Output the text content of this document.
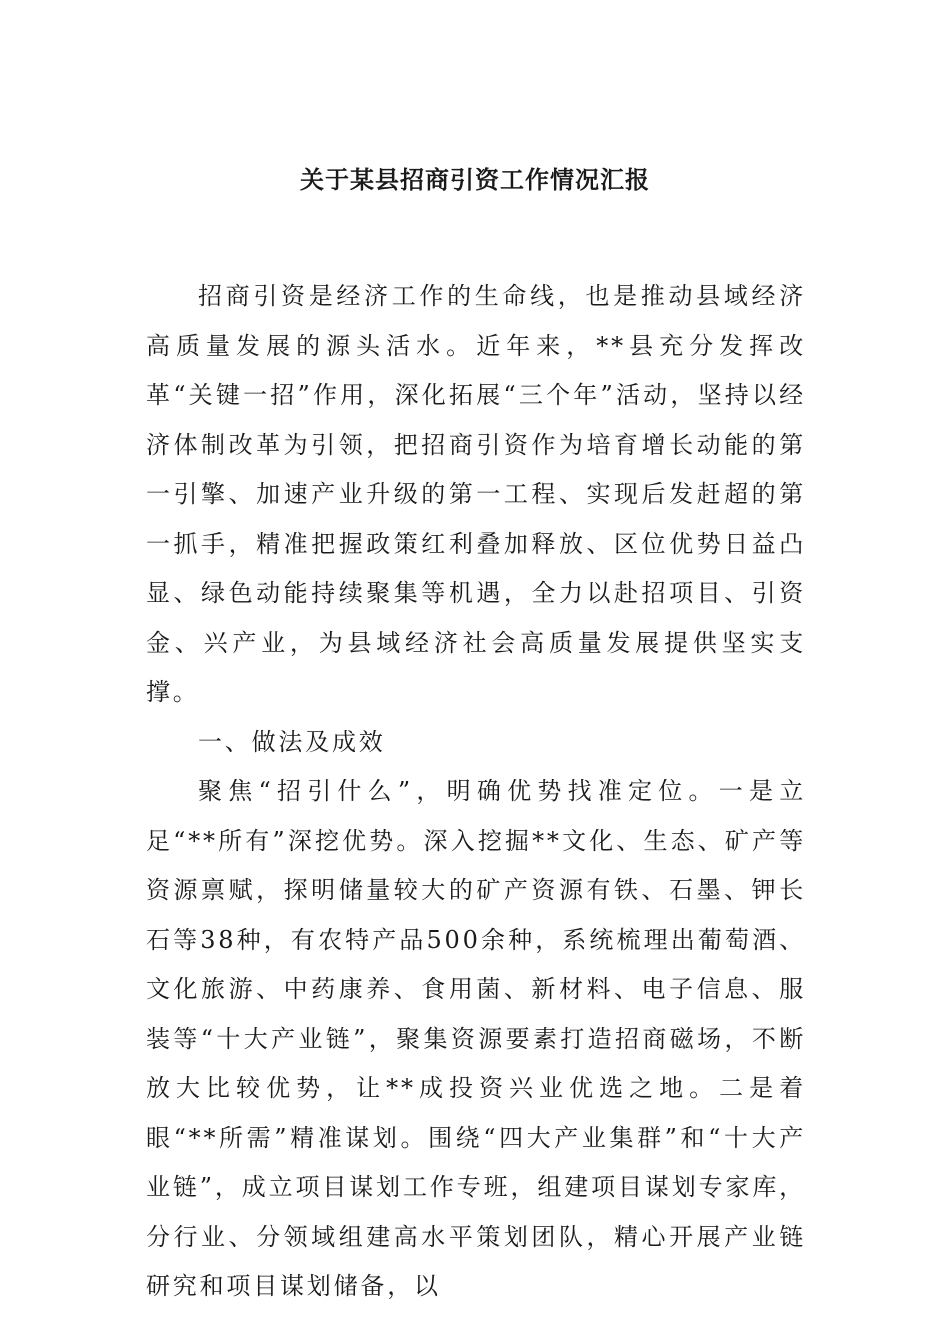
关于某县招商引资工作情况汇报

招商引资是经济工作的生命线，也是推动县域经济高质量发展的源头活水。近年来，**县充分发挥改革“关键一招”作用，深化拓展“三个年”活动，坚持以经济体制改革为引领，把招商引资作为培育增长动能的第一引擎、加速产业升级的第一工程、实现后发赶超的第一抓手，精准把握政策红利叠加释放、区位优势日益凸显、绿色动能持续聚集等机遇，全力以赴招项目、引资金、兴产业，为县域经济社会高质量发展提供坚实支撑。

一、做法及成效

聚焦“招引什么”，明确优势找准定位。一是立足“**所有”深挖优势。深入挖掘**文化、生态、矿产等资源禀赋，探明储量较大的矿产资源有铁、石墨、钾长石等38种，有农特产品500余种，系统梳理出葡萄酒、文化旅游、中药康养、食用菌、新材料、电子信息、服装等“十大产业链”，聚集资源要素打造招商磁场，不断放大比较优势，让**成投资兴业优选之地。二是着眼“**所需”精准谋划。围绕“四大产业集群”和“十大产业链”，成立项目谋划工作专班，组建项目谋划专家库，分行业、分领域组建高水平策划团队，精心开展产业链研究和项目谋划储备，以
